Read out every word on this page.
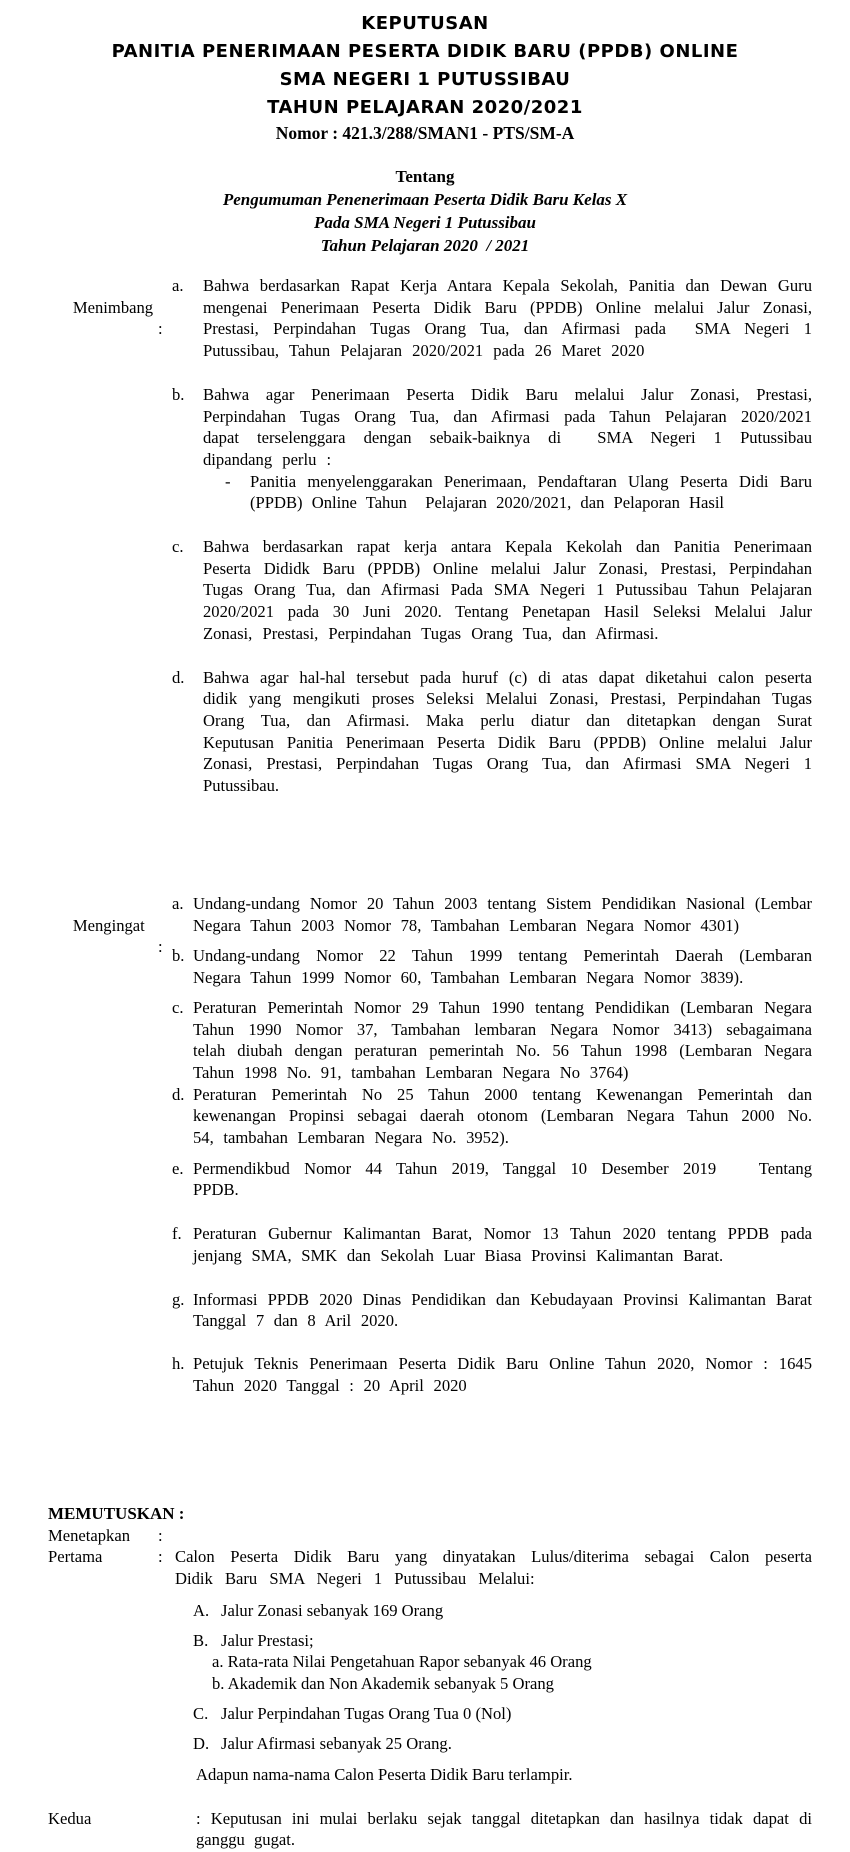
KEPUTUSAN
PANITIA PENERIMAAN PESERTA DIDIK BARU (PPDB) ONLINE
SMA NEGERI 1 PUTUSSIBAU
TAHUN PELAJARAN 2020/2021
Nomor : 421.3/288/SMAN1 - PTS/SM-A
Tentang
Pengumuman Penenerimaan Peserta Didik Baru Kelas X
Pada SMA Negeri 1 Putussibau
Tahun Pelajaran 2020  / 2021

Menimbang

:

a.	Bahwa berdasarkan Rapat Kerja Antara Kepala Sekolah, Panitia dan Dewan Guru mengenai Penerimaan Peserta Didik Baru (PPDB) Online melalui Jalur Zonasi, Prestasi, Perpindahan Tugas Orang Tua, dan Afirmasi pada  SMA Negeri 1 Putussibau, Tahun Pelajaran 2020/2021 pada 26 Maret 2020
b.	Bahwa agar Penerimaan Peserta Didik Baru melalui Jalur Zonasi, Prestasi, Perpindahan Tugas Orang Tua, dan Afirmasi pada Tahun Pelajaran 2020/2021 dapat terselenggara dengan sebaik-baiknya di  SMA Negeri 1 Putussibau dipandang perlu :
-	Panitia menyelenggarakan Penerimaan, Pendaftaran Ulang Peserta Didi Baru (PPDB) Online Tahun  Pelajaran 2020/2021, dan Pelaporan Hasil
c.	Bahwa berdasarkan rapat kerja antara Kepala Kekolah dan Panitia Penerimaan Peserta Dididk Baru (PPDB) Online melalui Jalur Zonasi, Prestasi, Perpindahan Tugas Orang Tua, dan Afirmasi Pada SMA Negeri 1 Putussibau Tahun Pelajaran 2020/2021 pada 30 Juni 2020. Tentang Penetapan Hasil Seleksi Melalui Jalur Zonasi, Prestasi, Perpindahan Tugas Orang Tua, dan Afirmasi.
d.	Bahwa agar hal-hal tersebut pada huruf (c) di atas dapat diketahui calon peserta didik yang mengikuti proses Seleksi Melalui Zonasi, Prestasi, Perpindahan Tugas Orang Tua, dan Afirmasi. Maka perlu diatur dan ditetapkan dengan Surat Keputusan Panitia Penerimaan Peserta Didik Baru (PPDB) Online melalui Jalur Zonasi, Prestasi, Perpindahan Tugas Orang Tua, dan Afirmasi SMA Negeri 1 Putussibau.

Mengingat

:

a. Undang-undang Nomor 20 Tahun 2003 tentang Sistem Pendidikan Nasional (Lembar Negara Tahun 2003 Nomor 78, Tambahan Lembaran Negara Nomor 4301)
b. Undang-undang Nomor 22 Tahun 1999 tentang Pemerintah Daerah (Lembaran Negara Tahun 1999 Nomor 60, Tambahan Lembaran Negara Nomor 3839).
c. Peraturan Pemerintah Nomor 29 Tahun 1990 tentang Pendidikan (Lembaran Negara Tahun 1990 Nomor 37, Tambahan lembaran Negara Nomor 3413) sebagaimana telah diubah dengan peraturan pemerintah No. 56 Tahun 1998 (Lembaran Negara Tahun 1998 No. 91, tambahan Lembaran Negara No 3764)
d. Peraturan Pemerintah No 25 Tahun 2000 tentang Kewenangan Pemerintah dan kewenangan Propinsi sebagai daerah otonom (Lembaran Negara Tahun 2000 No. 54, tambahan Lembaran Negara No. 3952).
e. Permendikbud Nomor 44 Tahun 2019, Tanggal 10 Desember 2019   Tentang PPDB.
f. Peraturan Gubernur Kalimantan Barat, Nomor 13 Tahun 2020 tentang PPDB pada jenjang SMA, SMK dan Sekolah Luar Biasa Provinsi Kalimantan Barat.
g. Informasi PPDB 2020 Dinas Pendidikan dan Kebudayaan Provinsi Kalimantan Barat Tanggal 7 dan 8 Aril 2020.
h. Petujuk Teknis Penerimaan Peserta Didik Baru Online Tahun 2020, Nomor : 1645 Tahun 2020 Tanggal : 20 April 2020
MEMUTUSKAN :
Menetapkan	:
Pertama	: Calon Peserta Didik Baru yang dinyatakan Lulus/diterima sebagai Calon peserta Didik Baru SMA Negeri 1 Putussibau Melalui:
A. Jalur Zonasi sebanyak 169 Orang
B. Jalur Prestasi;
a. Rata-rata Nilai Pengetahuan Rapor sebanyak 46 Orang
b. Akademik dan Non Akademik sebanyak 5 Orang
C. Jalur Perpindahan Tugas Orang Tua 0 (Nol)
D. Jalur Afirmasi sebanyak 25 Orang.
Adapun nama-nama Calon Peserta Didik Baru terlampir.
Kedua	: Keputusan ini mulai berlaku sejak tanggal ditetapkan dan hasilnya tidak dapat di ganggu gugat.
